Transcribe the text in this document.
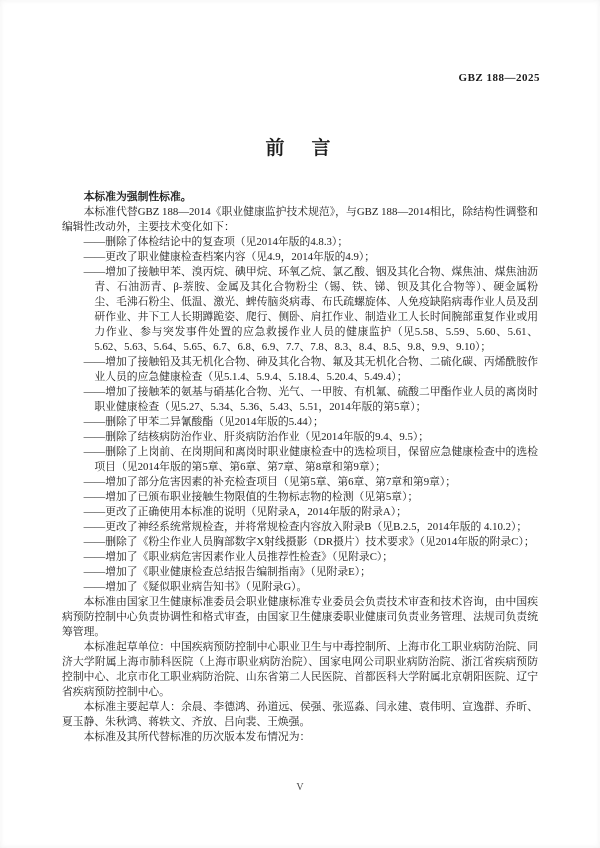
GBZ 188—2025
前　言

本标准为强制性标准。

本标准代替GBZ 188—2014《职业健康监护技术规范》，与GBZ 188—2014相比，除结构性调整和编辑性改动外，主要技术变化如下：

——删除了体检结论中的复查项（见2014年版的4.8.3）；

——更改了职业健康检查档案内容（见4.9，2014年版的4.9）；

——增加了接触甲苯、溴丙烷、碘甲烷、环氧乙烷、氯乙酸、铟及其化合物、煤焦油、煤焦油沥青、石油沥青、β-萘胺、金属及其化合物粉尘（锡、铁、锑、钡及其化合物等）、硬金属粉尘、毛沸石粉尘、低温、激光、蜱传脑炎病毒、布氏疏螺旋体、人免疫缺陷病毒作业人员及刮研作业、井下工人长期蹲跪姿、爬行、侧卧、肩扛作业、制造业工人长时间腕部重复作业或用力作业、参与突发事件处置的应急救援作业人员的健康监护（见5.58、5.59、5.60、5.61、5.62、5.63、5.64、5.65、6.7、6.8、6.9、7.7、7.8、8.3、8.4、8.5、9.8、9.9、9.10）；

——增加了接触铅及其无机化合物、砷及其化合物、氟及其无机化合物、二硫化碳、丙烯酰胺作业人员的应急健康检查（见5.1.4、5.9.4、5.18.4、5.20.4、5.49.4）；

——增加了接触苯的氨基与硝基化合物、光气、一甲胺、有机氟、硫酸二甲酯作业人员的离岗时职业健康检查（见5.27、5.34、5.36、5.43、5.51，2014年版的第5章）；

——删除了甲苯二异氰酸酯（见2014年版的5.44）；

——删除了结核病防治作业、肝炎病防治作业（见2014年版的9.4、9.5）；

——删除了上岗前、在岗期间和离岗时职业健康检查中的选检项目，保留应急健康检查中的选检项目（见2014年版的第5章、第6章、第7章、第8章和第9章）；

——增加了部分危害因素的补充检查项目（见第5章、第6章、第7章和第9章）；

——增加了已颁布职业接触生物限值的生物标志物的检测（见第5章）；

——更改了正确使用本标准的说明（见附录A，2014年版的附录A）；

——更改了神经系统常规检查，并将常规检查内容放入附录B（见B.2.5，2014年版的 4.10.2）；

——删除了《粉尘作业人员胸部数字X射线摄影（DR摄片）技术要求》（见2014年版的附录C）；

——增加了《职业病危害因素作业人员推荐性检查》（见附录C）；

——增加了《职业健康检查总结报告编制指南》（见附录E）；

——增加了《疑似职业病告知书》（见附录G）。

本标准由国家卫生健康标准委员会职业健康标准专业委员会负责技术审查和技术咨询，由中国疾病预防控制中心负责协调性和格式审查，由国家卫生健康委职业健康司负责业务管理、法规司负责统筹管理。

本标准起草单位：中国疾病预防控制中心职业卫生与中毒控制所、上海市化工职业病防治院、同济大学附属上海市肺科医院（上海市职业病防治院）、国家电网公司职业病防治院、浙江省疾病预防控制中心、北京市化工职业病防治院、山东省第二人民医院、首都医科大学附属北京朝阳医院、辽宁省疾病预防控制中心。

本标准主要起草人：余晨、李德鸿、孙道远、侯强、张巡淼、闫永建、袁伟明、宣逸群、乔昕、夏玉静、朱秋鸿、蒋轶文、齐放、吕向裴、王焕强。

本标准及其所代替标准的历次版本发布情况为：

V
